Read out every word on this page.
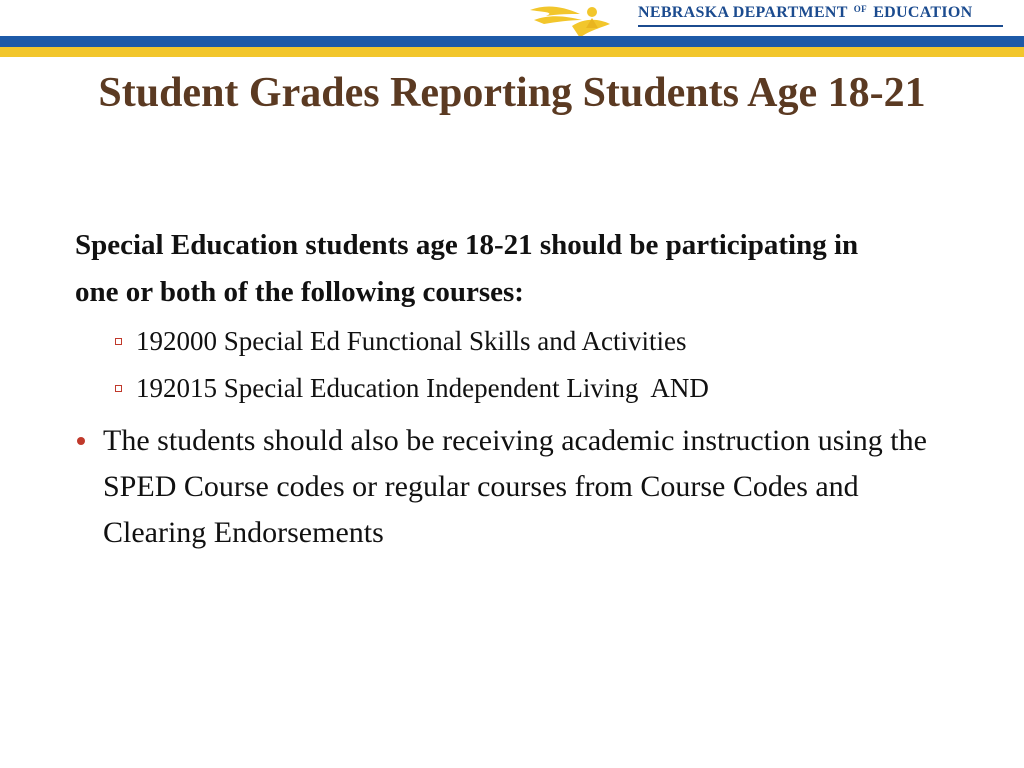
NEBRASKA DEPARTMENT $^{OF}$ EDUCATION
Student Grades Reporting Students Age 18-21

Special Education students age 18-21 should be participating in one or both of the following courses:

192000 Special Ed Functional Skills and Activities
192015 Special Education Independent Living  AND
The students should also be receiving academic instruction using the SPED Course codes or regular courses from Course Codes and Clearing Endorsements
